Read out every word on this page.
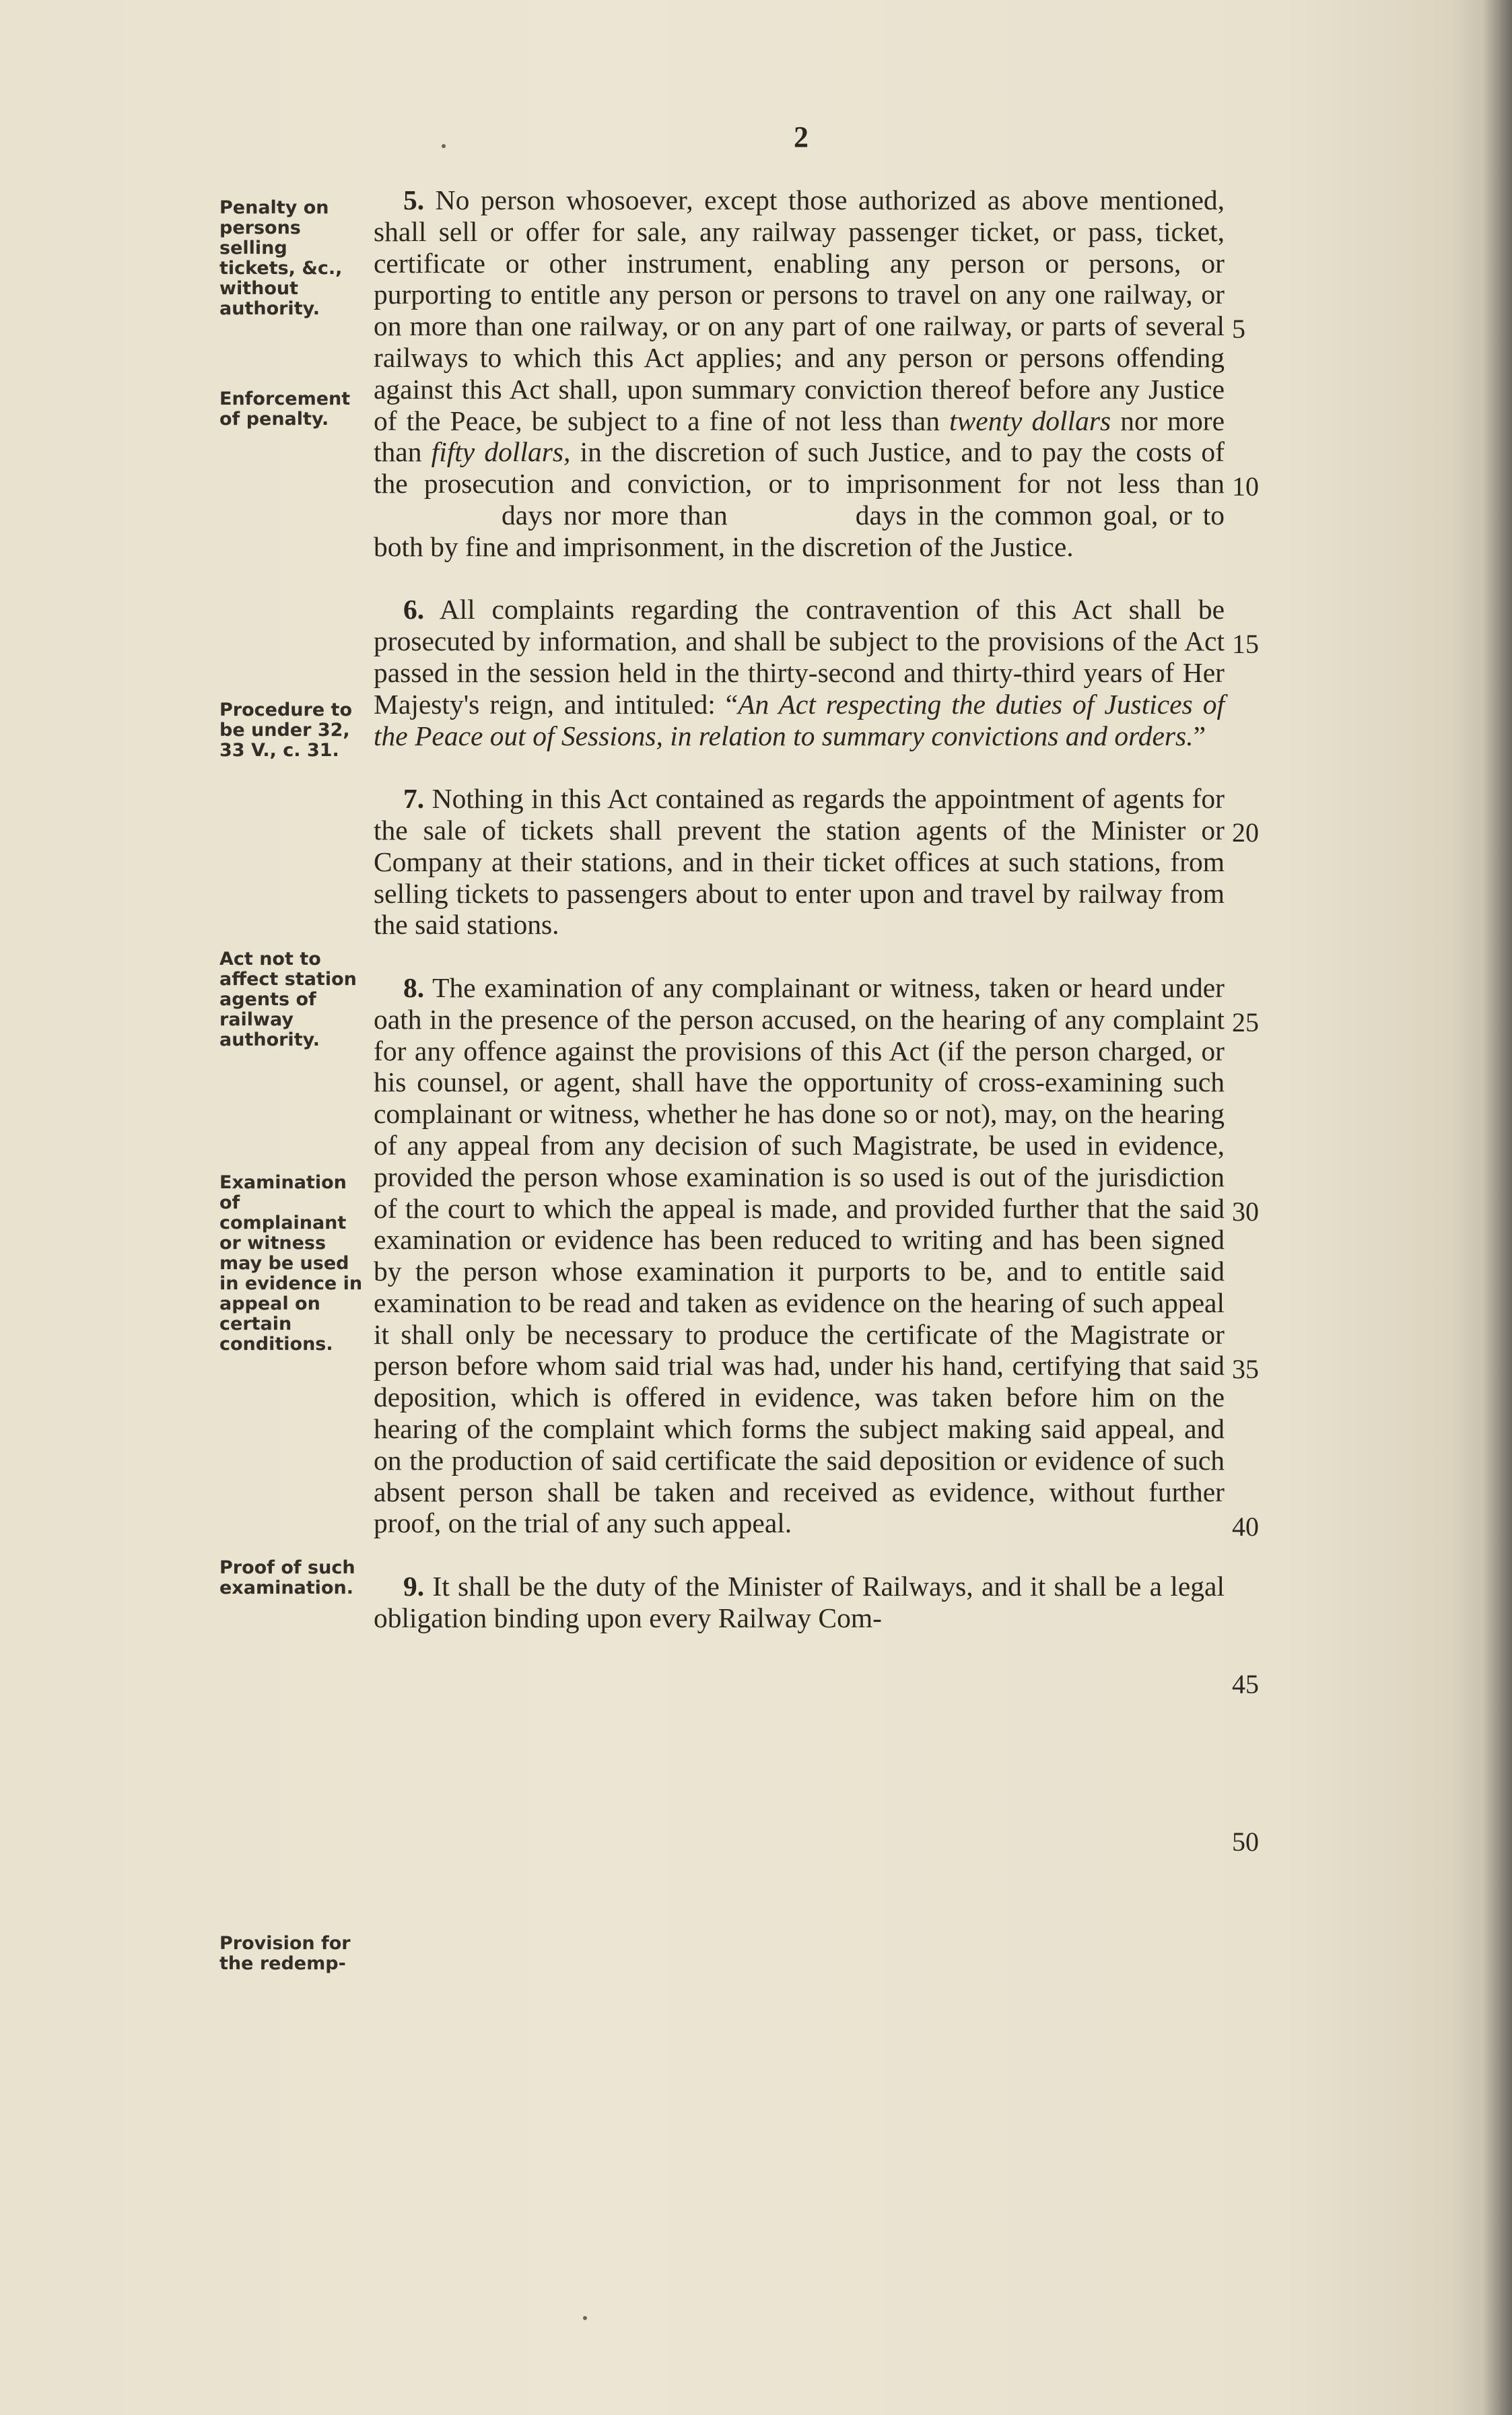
2
Penalty on persons selling tickets, &c., without authority.
Enforcement of penalty.
Procedure to be under 32, 33 V., c. 31.
Act not to affect station agents of railway authority.
Examination of complainant or witness may be used in evidence in appeal on certain conditions.
Proof of such examination.
Provision for the redemp-

5. No person whosoever, except those authorized as above mentioned, shall sell or offer for sale, any railway passenger ticket, or pass, ticket, certificate or other instrument, enabling any person or persons, or purporting to entitle any person or persons to travel on any one railway, or on more than one railway, or on any part of one railway, or parts of several railways to which this Act applies; and any person or persons offending against this Act shall, upon summary conviction thereof before any Justice of the Peace, be subject to a fine of not less than twenty dollars nor more than fifty dollars, in the discretion of such Justice, and to pay the costs of the prosecution and conviction, or to imprisonment for not less thandays nor more than	days in the common goal, or to both by fine and imprisonment, in the discretion of the Justice.

6. All complaints regarding the contravention of this Act shall be prosecuted by information, and shall be subject to the provisions of the Act passed in the session held in the thirty-second and thirty-third years of Her Majesty's reign, and intituled: “An Act respecting the duties of Justices of the Peace out of Sessions, in relation to summary convictions and orders.”

7. Nothing in this Act contained as regards the appointment of agents for the sale of tickets shall prevent the station agents of the Minister or Company at their stations, and in their ticket offices at such stations, from selling tickets to passengers about to enter upon and travel by railway from the said stations.

8. The examination of any complainant or witness, taken or heard under oath in the presence of the person accused, on the hearing of any complaint for any offence against the provisions of this Act (if the person charged, or his counsel, or agent, shall have the opportunity of cross-examining such complainant or witness, whether he has done so or not), may, on the hearing of any appeal from any decision of such Magistrate, be used in evidence, provided the person whose examination is so used is out of the jurisdiction of the court to which the appeal is made, and provided further that the said examination or evidence has been reduced to writing and has been signed by the person whose examination it purports to be, and to entitle said examination to be read and taken as evidence on the hearing of such appeal it shall only be necessary to produce the certificate of the Magistrate or person before whom said trial was had, under his hand, certifying that said deposition, which is offered in evidence, was taken before him on the hearing of the complaint which forms the subject making said appeal, and on the production of said certificate the said deposition or evidence of such absent person shall be taken and received as evidence, without further proof, on the trial of any such appeal.

9. It shall be the duty of the Minister of Railways, and it shall be a legal obligation binding upon every Railway Com-

5
10
15
20
25
30
35
40
45
50
